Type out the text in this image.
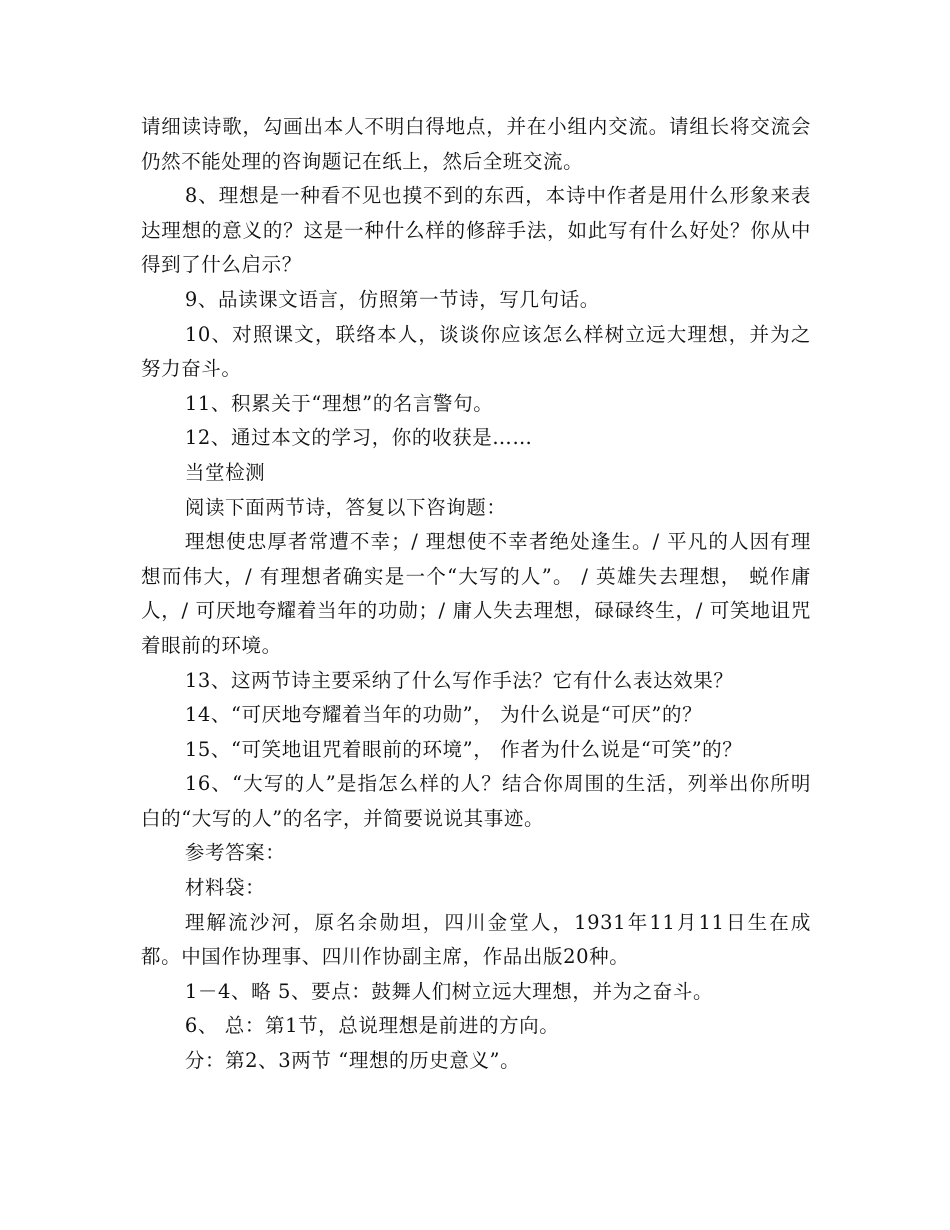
请细读诗歌，勾画出本人不明白得地点，并在小组内交流。请组长将交流会仍然不能处理的咨询题记在纸上，然后全班交流。

8、理想是一种看不见也摸不到的东西，本诗中作者是用什么形象来表达理想的意义的？这是一种什么样的修辞手法，如此写有什么好处？你从中得到了什么启示？

9、品读课文语言，仿照第一节诗，写几句话。

10、对照课文，联络本人，谈谈你应该怎么样树立远大理想，并为之努力奋斗。

11、积累关于“理想”的名言警句。

12、通过本文的学习，你的收获是……

当堂检测

阅读下面两节诗，答复以下咨询题：

理想使忠厚者常遭不幸；/ 理想使不幸者绝处逢生。/ 平凡的人因有理想而伟大，/ 有理想者确实是一个“大写的人”。 / 英雄失去理想， 蜕作庸人，/ 可厌地夸耀着当年的功勋；/ 庸人失去理想，碌碌终生，/ 可笑地诅咒着眼前的环境。

13、这两节诗主要采纳了什么写作手法？它有什么表达效果？

14、“可厌地夸耀着当年的功勋”， 为什么说是“可厌”的？

15、“可笑地诅咒着眼前的环境”， 作者为什么说是“可笑”的？

16、“大写的人”是指怎么样的人？结合你周围的生活，列举出你所明白的“大写的人”的名字，并简要说说其事迹。

参考答案：

材料袋：

理解流沙河，原名余勋坦，四川金堂人，1931年11月11日生在成都。中国作协理事、四川作协副主席，作品出版20种。

1－4、略 5、要点：鼓舞人们树立远大理想，并为之奋斗。

6、 总：第1节，总说理想是前进的方向。

分：第2、3两节 “理想的历史意义”。
